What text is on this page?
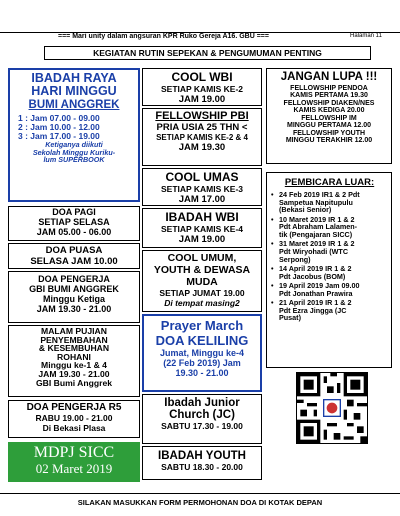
=== Mari unity dalam angsuran KPR Ruko Gereja A16. GBU ===	Halaman 11
KEGIATAN RUTIN SEPEKAN & PENGUMUMAN PENTING
IBADAH RAYA
HARI MINGGU
BUMI ANGGREK
1 : Jam 07.00 - 09.00
2 : Jam 10.00 - 12.00
3 : Jam 17.00 - 19.00
Ketiganya diikuti
Sekolah Minggu Kuriku-
lum SUPERBOOK
DOA PAGI
SETIAP SELASA
JAM 05.00 - 06.00
DOA PUASA
SELASA JAM 10.00
DOA PENGERJA
GBI BUMI ANGGREK
Minggu Ketiga
JAM 19.30 - 21.00
MALAM PUJIAN
PENYEMBAHAN
& KESEMBUHAN
ROHANI
Minggu ke-1 & 4
JAM 19.30 - 21.00
GBI Bumi Anggrek
COOL WBI
SETIAP KAMIS KE-2
JAM 19.00
FELLOWSHIP PBI
PRIA USIA 25 THN <
SETIAP KAMIS KE-2 & 4
JAM 19.30
COOL UMAS
SETIAP KAMIS KE-3
JAM 17.00
IBADAH WBI
SETIAP KAMIS KE-4
JAM 19.00
COOL UMUM,
YOUTH & DEWASA
MUDA
SETIAP JUMAT 19.00
Di tempat masing2
Prayer March
DOA KELILING
Jumat, Minggu ke-4
(22 Feb 2019) Jam
19.30 - 21.00
Ibadah Junior
Church (JC)
SABTU 17.30 - 19.00
IBADAH YOUTH
SABTU 18.30 - 20.00
JANGAN LUPA !!!
FELLOWSHIP PENDOA
KAMIS PERTAMA 19.30
FELLOWSHIP DIAKEN/NES
KAMIS KEDIGA 20.00
FELLOWSHIP IM
MINGGU PERTAMA 12.00
FELLOWSHIP YOUTH
MINGGU TERAKHIR 12.00
PEMBICARA LUAR:
• 24 Feb 2019 IR1 & 2 Pdt
Sampetua Napitupulu
(Bekasi Senior)
• 10 Maret 2019 IR 1 & 2
Pdt Abraham Lalamen-
tik (Pengajaran SICC)
• 31 Maret 2019 IR 1 & 2
Pdt Wiryohadi (WTC
Serpong)
• 14 April 2019 IR 1 & 2
Pdt Jacobus (BOM)
• 19 April 2019 Jam 09.00
Pdt Jonathan Prawira
• 21 April 2019 IR 1 & 2
Pdt Ezra Jingga (JC
Pusat)
SILAKAN MASUKKAN FORM PERMOHONAN DOA DI KOTAK DEPAN
DOA PENGERJA R5
RABU 19.00 - 21.00
Di Bekasi Plasa
MDPJ SICC
02 Maret 2019
